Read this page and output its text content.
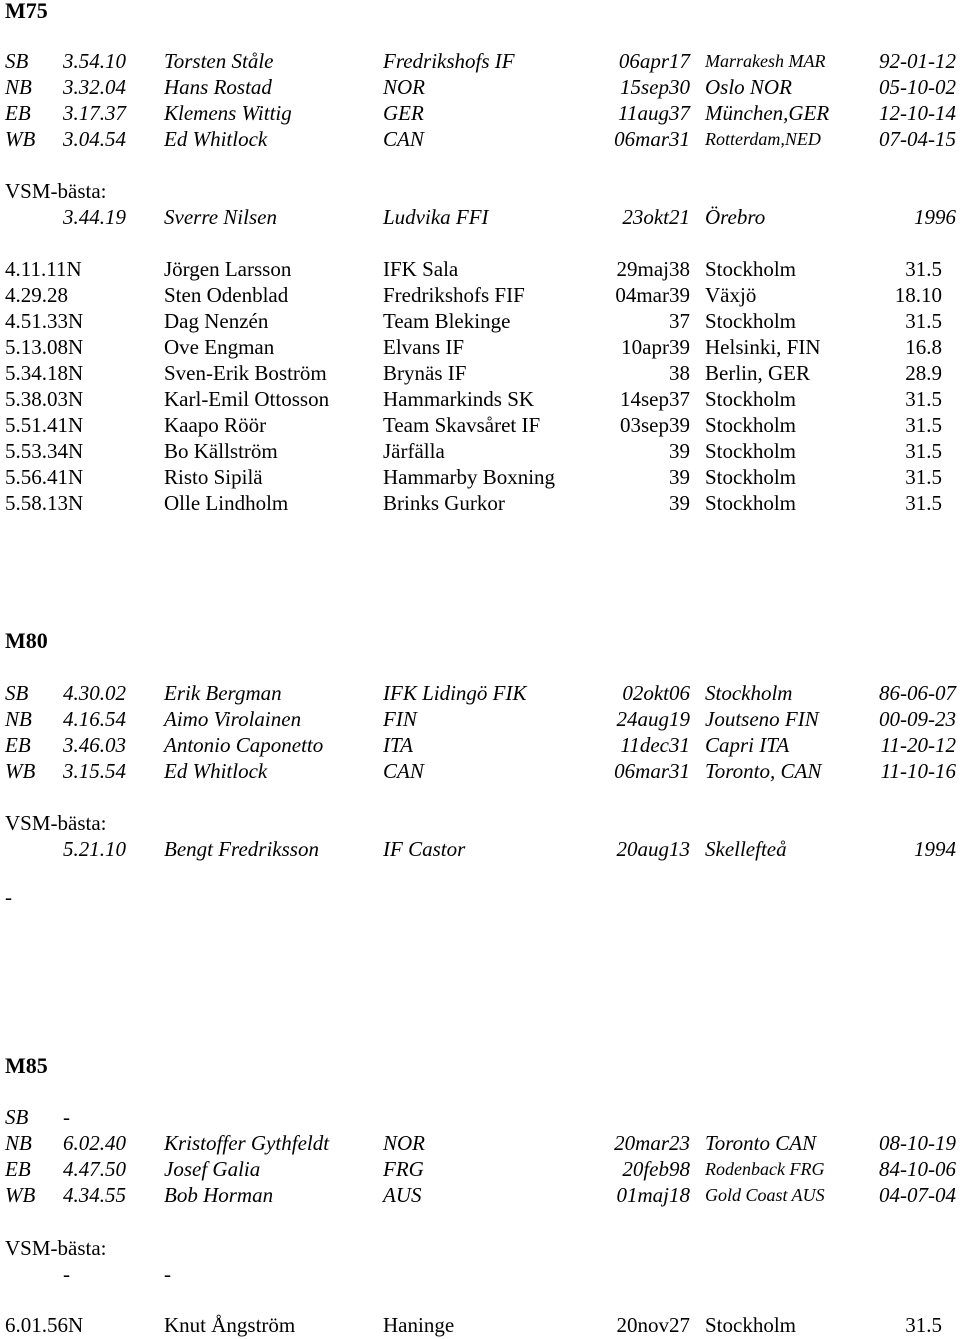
M75
SB 3.54.10 Torsten Ståle	Fredrikshofs IF	06apr17 Marrakesh MAR	92-01-12
NB 3.32.04 Hans Rostad	NOR	15sep30 Oslo NOR	05-10-02
EB 3.17.37 Klemens Wittig	GER	11aug37 München,GER 12-10-14
WB 3.04.54 Ed Whitlock	CAN	06mar31 Rotterdam,NED	07-04-15
VSM-bästa:
3.44.19 Sverre Nilsen	Ludvika FFI	23okt21 Örebro	1996
4.11.11N	Jörgen Larsson	IFK Sala	29maj38 Stockholm	31.5
4.29.28	Sten Odenblad	Fredrikshofs FIF	04mar39 Växjö	18.10
4.51.33N	Dag Nenzén	Team Blekinge	37 Stockholm	31.5
5.13.08N	Ove Engman	Elvans IF	10apr39 Helsinki, FIN	16.8
5.34.18N	Sven-Erik Boström	Brynäs IF	38 Berlin, GER	28.9
5.38.03N	Karl-Emil Ottosson	Hammarkinds SK	14sep37 Stockholm	31.5
5.51.41N	Kaapo Röör	Team Skavsåret IF	03sep39 Stockholm	31.5
5.53.34N	Bo Källström	Järfälla	39 Stockholm	31.5
5.56.41N	Risto Sipilä	Hammarby Boxning	39 Stockholm	31.5
5.58.13N	Olle Lindholm	Brinks Gurkor	39 Stockholm	31.5
M80
SB 4.30.02 Erik Bergman	IFK Lidingö FIK	02okt06 Stockholm	86-06-07
NB 4.16.54 Aimo Virolainen	FIN	24aug19 Joutseno FIN	00-09-23
EB 3.46.03 Antonio Caponetto	ITA	11dec31 Capri ITA	11-20-12
WB 3.15.54 Ed Whitlock	CAN	06mar31 Toronto, CAN	11-10-16
VSM-bästa:
5.21.10 Bengt Fredriksson	IF Castor	20aug13 Skellefteå	1994
-
M85
SB -
NB 6.02.40 Kristoffer Gythfeldt	NOR	20mar23 Toronto CAN	08-10-19
EB 4.47.50 Josef Galia	FRG	20feb98 Rodenback FRG	84-10-06
WB 4.34.55 Bob Horman	AUS	01maj18 Gold Coast AUS	04-07-04
VSM-bästa:
-	-
6.01.56N	Knut Ångström	Haninge	20nov27 Stockholm	31.5
